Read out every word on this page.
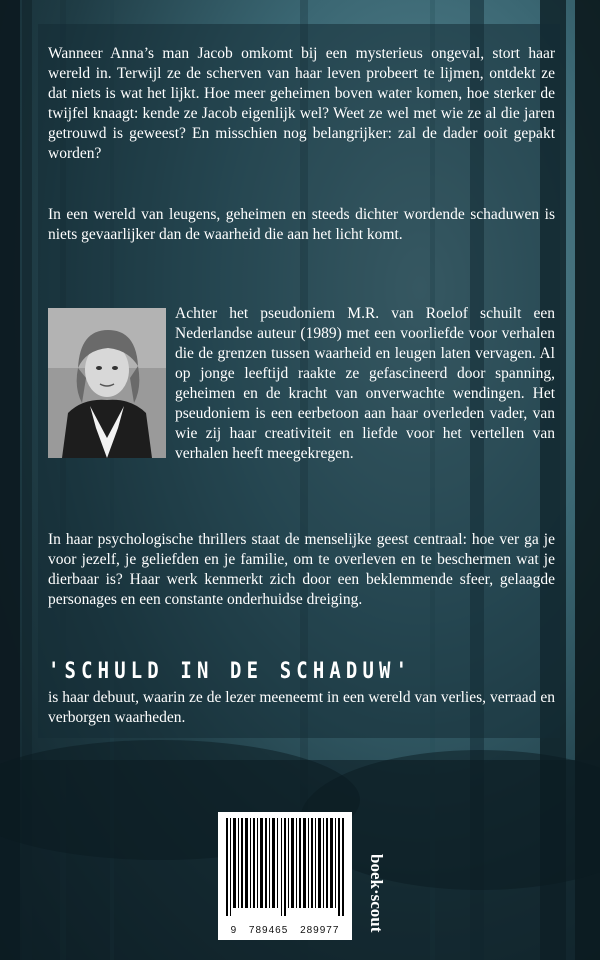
Wanneer Anna’s man Jacob omkomt bij een mysterieus ongeval, stort haar wereld in. Terwijl ze de scherven van haar leven probeert te lijmen, ontdekt ze dat niets is wat het lijkt. Hoe meer geheimen boven water komen, hoe sterker de twijfel knaagt: kende ze Jacob eigenlijk wel? Weet ze wel met wie ze al die jaren getrouwd is geweest? En misschien nog belangrijker: zal de dader ooit gepakt worden?

In een wereld van leugens, geheimen en steeds dichter wordende schaduwen is niets gevaarlijker dan de waarheid die aan het licht komt.

Achter het pseudoniem M.R. van Roelof schuilt een Nederlandse auteur (1989) met een voorliefde voor verhalen die de grenzen tussen waarheid en leugen laten vervagen. Al op jonge leeftijd raakte ze gefascineerd door spanning, geheimen en de kracht van onverwachte wendingen. Het pseudoniem is een eerbetoon aan haar overleden vader, van wie zij haar creativiteit en liefde voor het vertellen van verhalen heeft meegekregen.

In haar psychologische thrillers staat de menselijke geest centraal: hoe ver ga je voor jezelf, je geliefden en je familie, om te overleven en te beschermen wat je dierbaar is? Haar werk kenmerkt zich door een beklemmende sfeer, gelaagde personages en een constante onderhuidse dreiging.

'SCHULD IN DE SCHADUW'

is haar debuut, waarin ze de lezer meeneemt in een wereld van verlies, verraad en verborgen waarheden.

9 789465 289977	boek·scout
